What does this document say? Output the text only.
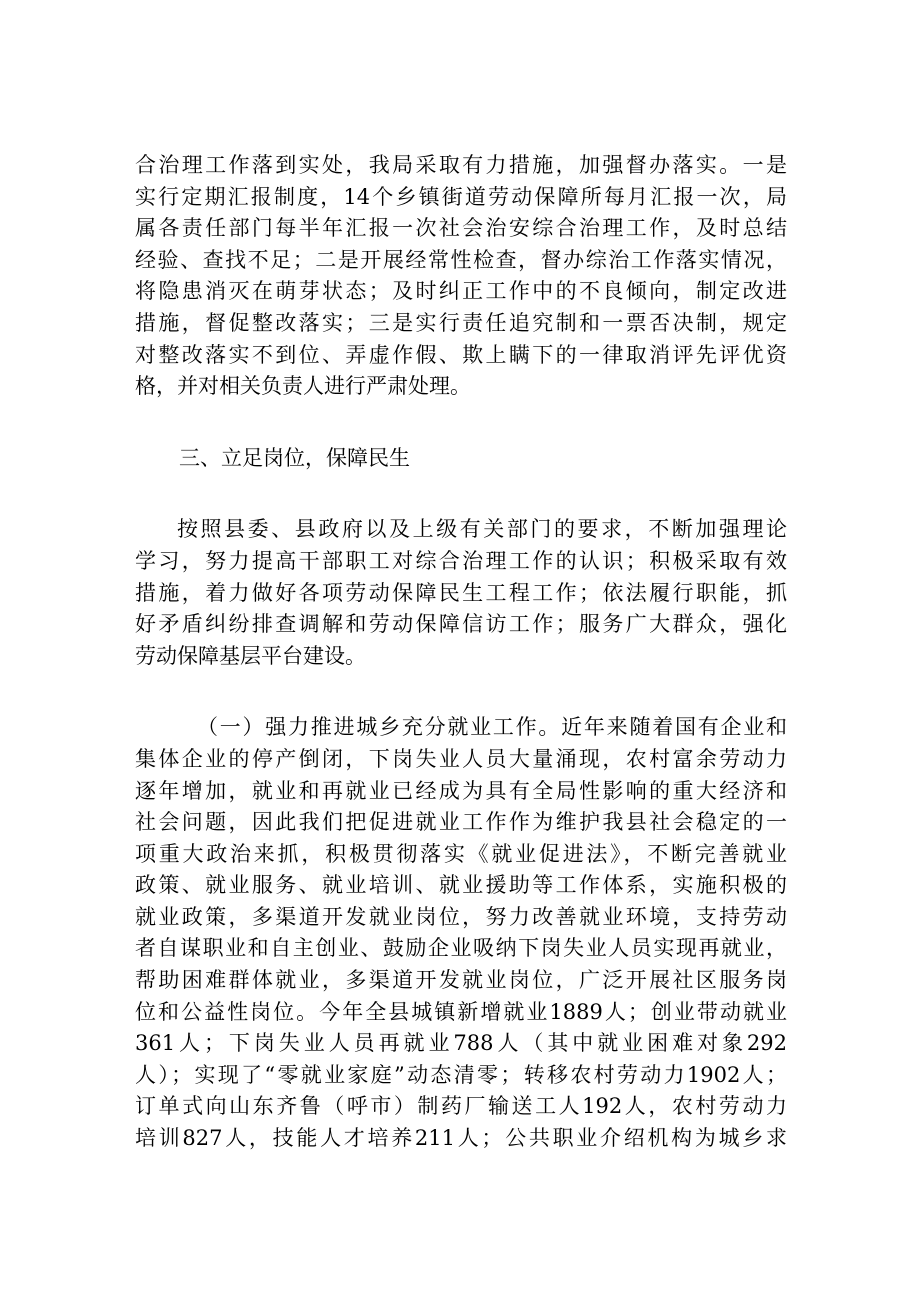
合治理工作落到实处，我局采取有力措施，加强督办落实。一是
实行定期汇报制度，14个乡镇街道劳动保障所每月汇报一次，局
属各责任部门每半年汇报一次社会治安综合治理工作，及时总结
经验、查找不足；二是开展经常性检查，督办综治工作落实情况，
将隐患消灭在萌芽状态；及时纠正工作中的不良倾向，制定改进
措施，督促整改落实；三是实行责任追究制和一票否决制，规定
对整改落实不到位、弄虚作假、欺上瞒下的一律取消评先评优资
格，并对相关负责人进行严肃处理。
三、立足岗位，保障民生
按照县委、县政府以及上级有关部门的要求，不断加强理论
学习，努力提高干部职工对综合治理工作的认识；积极采取有效
措施，着力做好各项劳动保障民生工程工作；依法履行职能，抓
好矛盾纠纷排查调解和劳动保障信访工作；服务广大群众，强化
劳动保障基层平台建设。
（一）强力推进城乡充分就业工作。近年来随着国有企业和
集体企业的停产倒闭，下岗失业人员大量涌现，农村富余劳动力
逐年增加，就业和再就业已经成为具有全局性影响的重大经济和
社会问题，因此我们把促进就业工作作为维护我县社会稳定的一
项重大政治来抓，积极贯彻落实《就业促进法》，不断完善就业
政策、就业服务、就业培训、就业援助等工作体系，实施积极的
就业政策，多渠道开发就业岗位，努力改善就业环境，支持劳动
者自谋职业和自主创业、鼓励企业吸纳下岗失业人员实现再就业，
帮助困难群体就业，多渠道开发就业岗位，广泛开展社区服务岗
位和公益性岗位。今年全县城镇新增就业1889人；创业带动就业
361人；下岗失业人员再就业788人（其中就业困难对象292
人）；实现了“零就业家庭”动态清零；转移农村劳动力1902人；
订单式向山东齐鲁（呼市）制药厂输送工人192人，农村劳动力
培训827人，技能人才培养211人；公共职业介绍机构为城乡求
